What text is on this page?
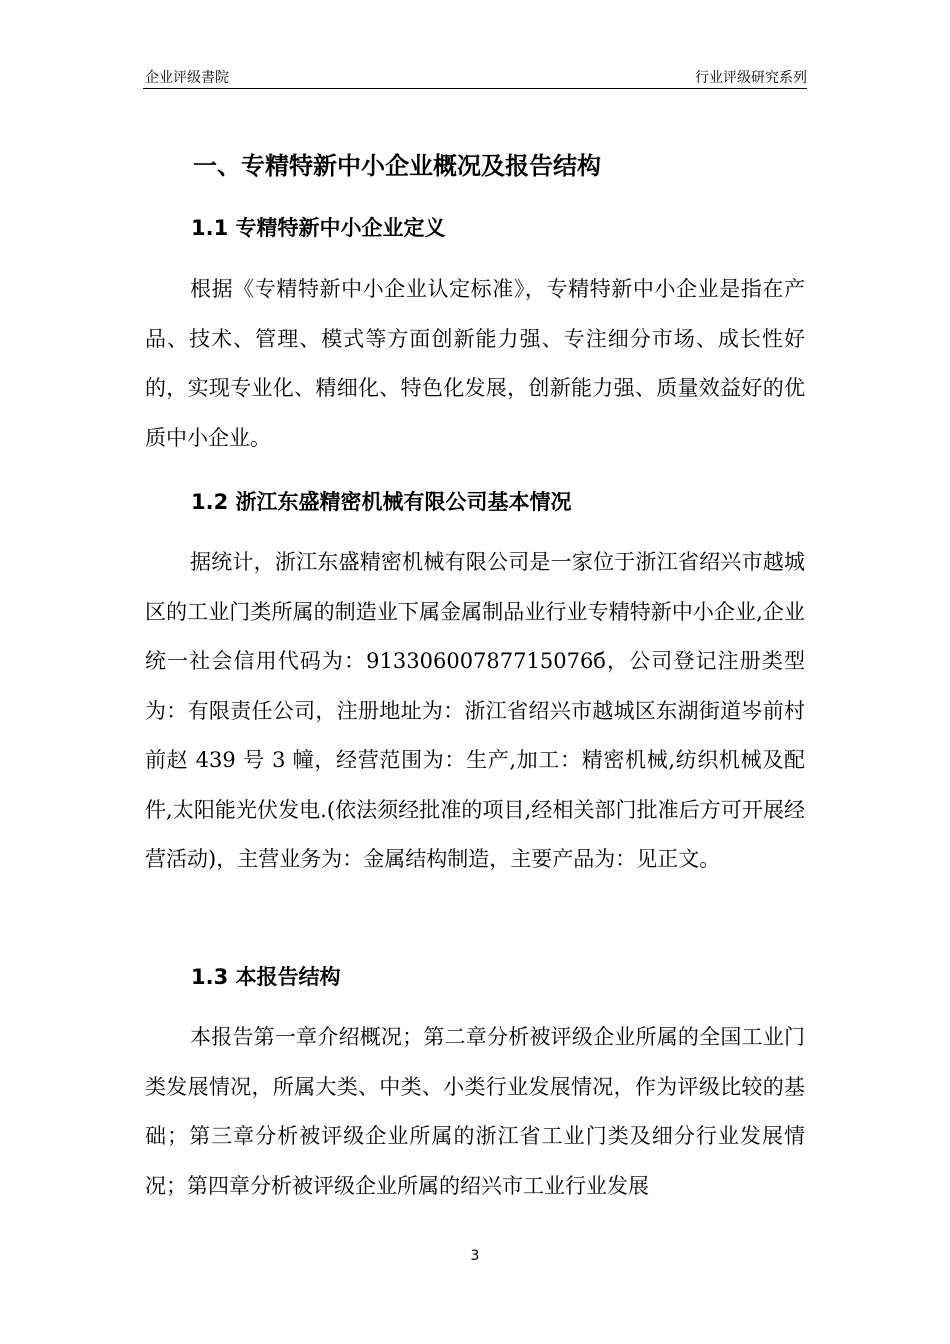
企业评级書院	行业评级研究系列
一、专精特新中小企业概况及报告结构
1.1 专精特新中小企业定义
根据《专精特新中小企业认定标准》，专精特新中小企业是指在产品、技术、管理、模式等方面创新能力强、专注细分市场、成长性好的，实现专业化、精细化、特色化发展，创新能力强、质量效益好的优质中小企业。
1.2 浙江东盛精密机械有限公司基本情况
据统计，浙江东盛精密机械有限公司是一家位于浙江省绍兴市越城区的工业门类所属的制造业下属金属制品业行业专精特新中小企业,企业统一社会信用代码为：91330600787715076б，公司登记注册类型为：有限责任公司，注册地址为：浙江省绍兴市越城区东湖街道岑前村前赵 439 号 3 幢，经营范围为：生产,加工：精密机械,纺织机械及配件,太阳能光伏发电.(依法须经批准的项目,经相关部门批准后方可开展经营活动)，主营业务为：金属结构制造，主要产品为：见正文。
1.3 本报告结构
本报告第一章介绍概况；第二章分析被评级企业所属的全国工业门类发展情况，所属大类、中类、小类行业发展情况，作为评级比较的基础；第三章分析被评级企业所属的浙江省工业门类及细分行业发展情况；第四章分析被评级企业所属的绍兴市工业行业发展
3
